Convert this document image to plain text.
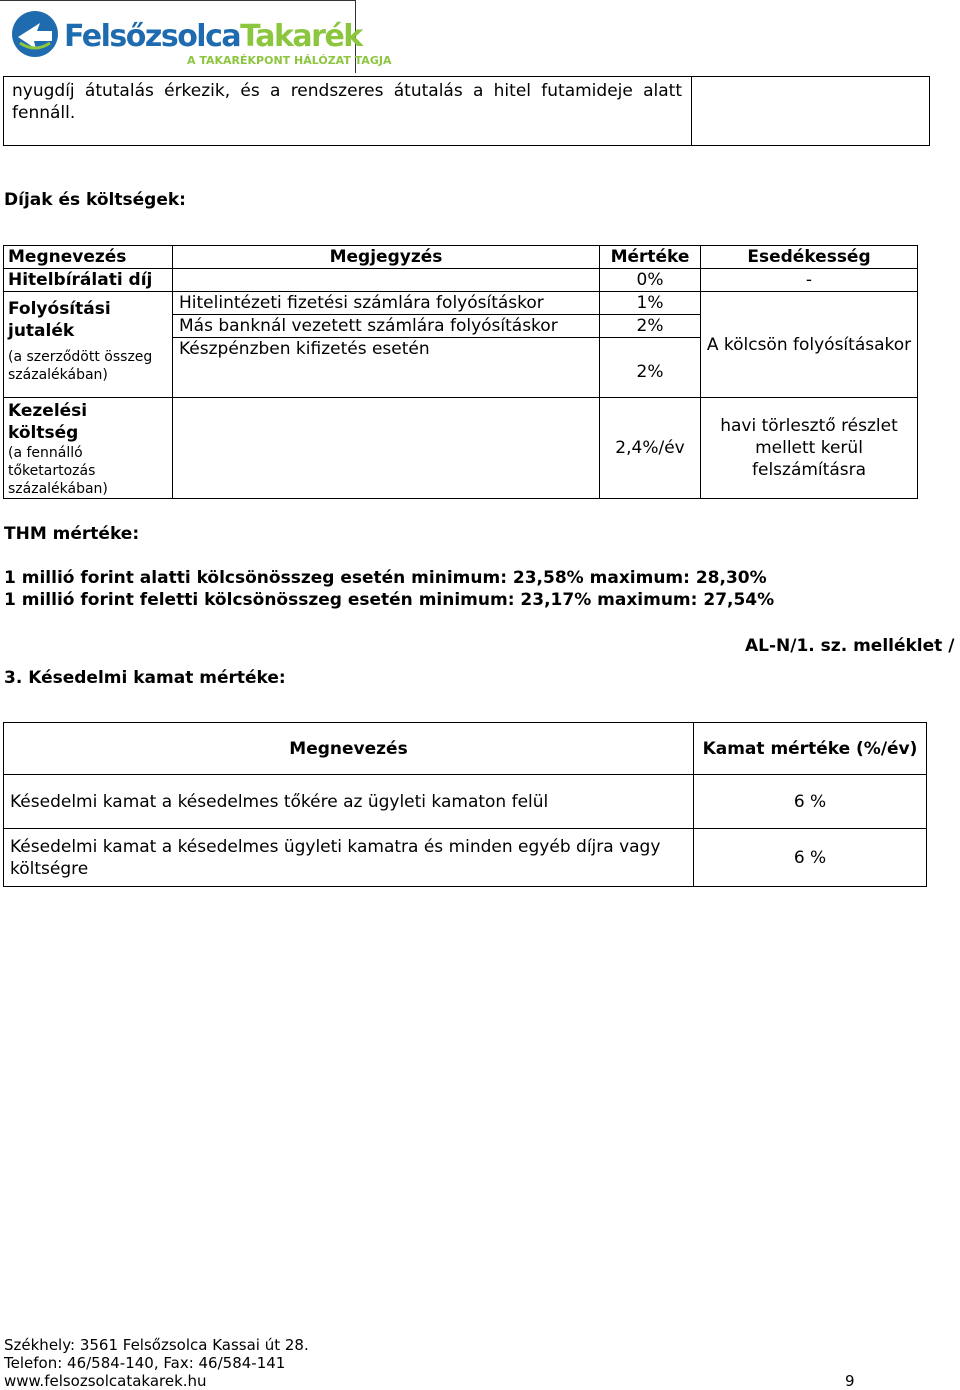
FelsőzsolcaTakarék
A TAKARÉKPONT HÁLÓZAT TAGJA
nyugdíj átutalás érkezik, és a rendszeres átutalás a hitel futamideje alatt fennáll.
Díjak és költségek:
Megnevezés	Megjegyzés	Mértéke	Esedékesség
Hitelbírálati díj		0%	-

Folyósítási jutalék
(a szerződött összeg százalékában)	Hitelintézeti fizetési számlára folyósításkor	1%	A kölcsön folyósításakor
	Más banknál vezetett számlára folyósításkor	2%	
	Készpénzben kifizetés esetén	2%	

Kezelési költség
(a fennálló tőketartozás százalékában)		2,4%/év	havi törlesztő részlet mellett kerül felszámításra
THM mértéke:
1 millió forint alatti kölcsönösszeg esetén minimum: 23,58% maximum: 28,30%
1 millió forint feletti kölcsönösszeg esetén minimum: 23,17% maximum: 27,54%
AL-N/1. sz. melléklet /
3. Késedelmi kamat mértéke:
Megnevezés	Kamat mértéke (%/év)
Késedelmi kamat a késedelmes tőkére az ügyleti kamaton felül	6 %
Késedelmi kamat a késedelmes ügyleti kamatra és minden egyéb díjra vagy költségre	6 %
Székhely: 3561 Felsőzsolca Kassai út 28.
Telefon: 46/584-140, Fax: 46/584-141
www.felsozsolcatakarek.hu	9
